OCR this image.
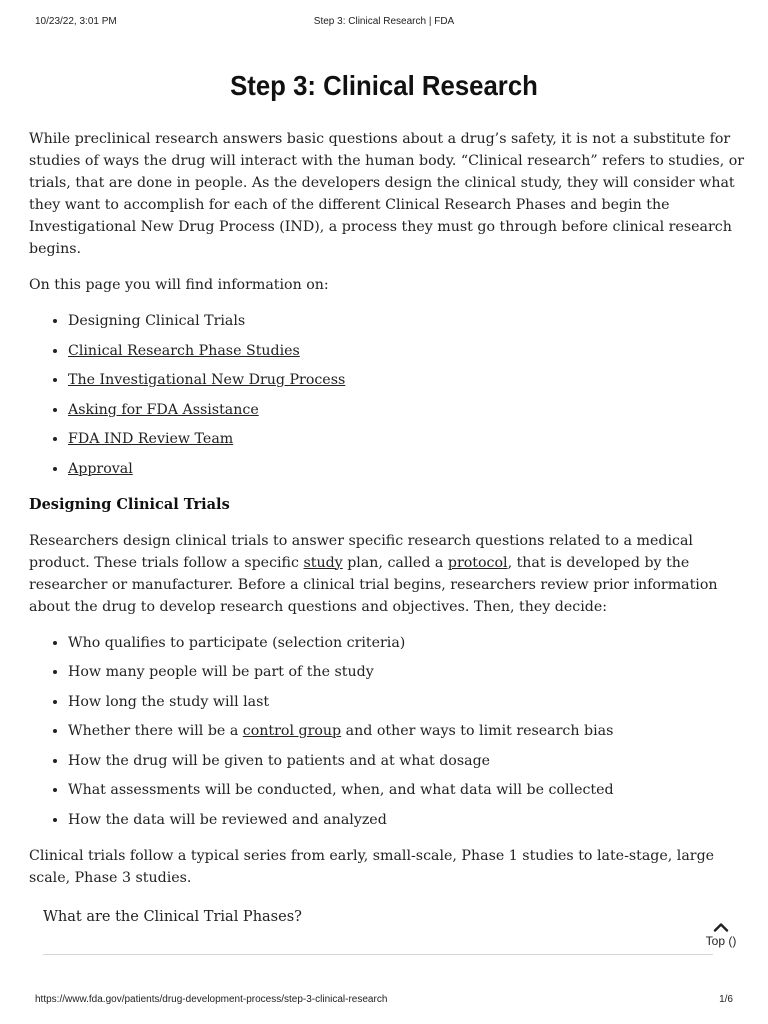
10/23/22, 3:01 PM	Step 3: Clinical Research | FDA
Step 3: Clinical Research

While preclinical research answers basic questions about a drug’s safety, it is not a substitute for studies of ways the drug will interact with the human body. “Clinical research” refers to studies, or trials, that are done in people. As the developers design the clinical study, they will consider what they want to accomplish for each of the different Clinical Research Phases and begin the Investigational New Drug Process (IND), a process they must go through before clinical research begins.

On this page you will find information on:

• Designing Clinical Trials
• Clinical Research Phase Studies
• The Investigational New Drug Process
• Asking for FDA Assistance
• FDA IND Review Team
• Approval
Designing Clinical Trials

Researchers design clinical trials to answer specific research questions related to a medical product. These trials follow a specific study plan, called a protocol, that is developed by the researcher or manufacturer. Before a clinical trial begins, researchers review prior information about the drug to develop research questions and objectives. Then, they decide:

• Who qualifies to participate (selection criteria)
• How many people will be part of the study
• How long the study will last
• Whether there will be a control group and other ways to limit research bias
• How the drug will be given to patients and at what dosage
• What assessments will be conducted, when, and what data will be collected
• How the data will be reviewed and analyzed

Clinical trials follow a typical series from early, small-scale, Phase 1 studies to late-stage, large scale, Phase 3 studies.

What are the Clinical Trial Phases?
Top ()
https://www.fda.gov/patients/drug-development-process/step-3-clinical-research	1/6
